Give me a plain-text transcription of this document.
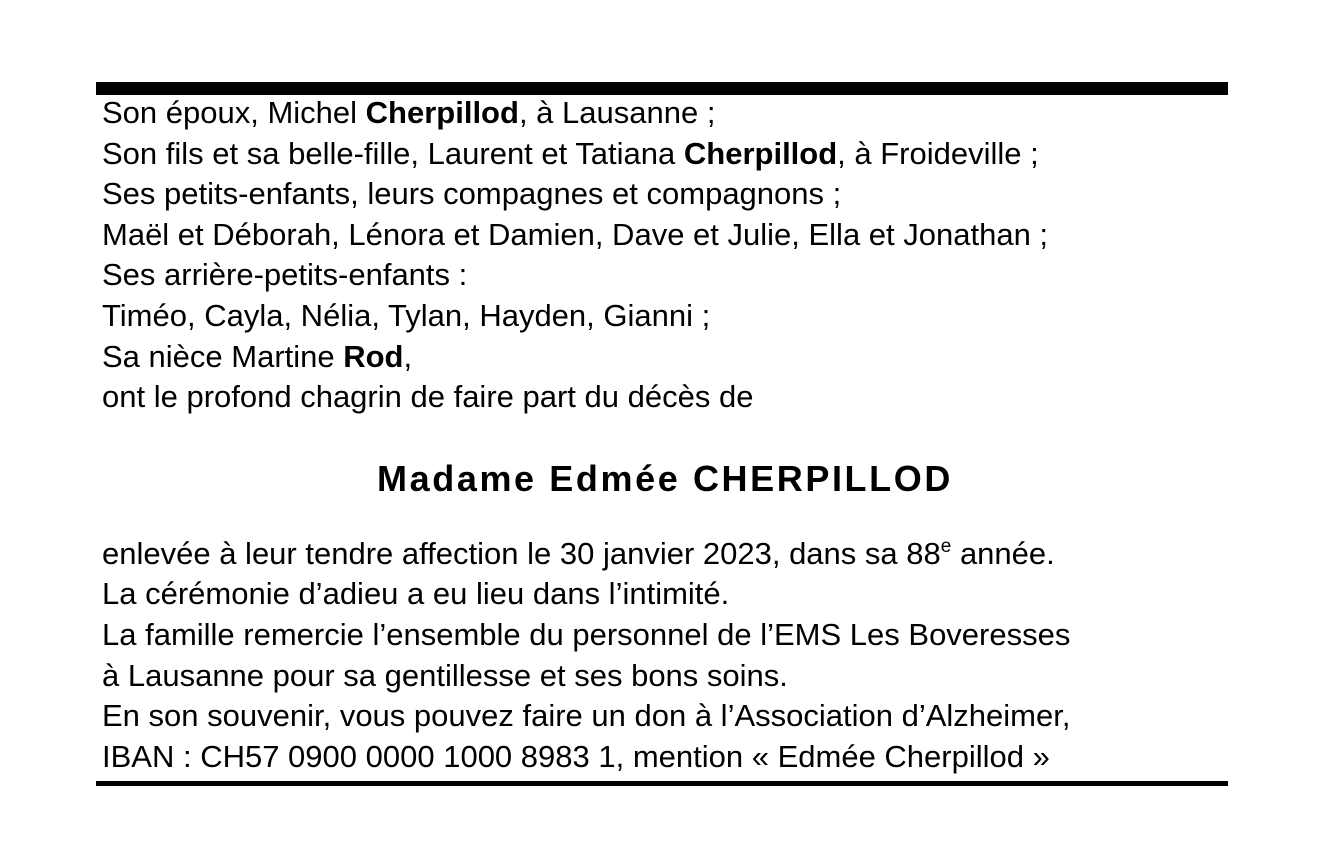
Son époux, Michel Cherpillod, à Lausanne ;
Son fils et sa belle-fille, Laurent et Tatiana Cherpillod, à Froideville ;
Ses petits-enfants, leurs compagnes et compagnons ;
Maël et Déborah, Lénora et Damien, Dave et Julie, Ella et Jonathan ;
Ses arrière-petits-enfants :
Timéo, Cayla, Nélia, Tylan, Hayden, Gianni ;
Sa nièce Martine Rod,
ont le profond chagrin de faire part du décès de
Madame Edmée CHERPILLOD
enlevée à leur tendre affection le 30 janvier 2023, dans sa 88e année.
La cérémonie d’adieu a eu lieu dans l’intimité.
La famille remercie l’ensemble du personnel de l’EMS Les Boveresses
à Lausanne pour sa gentillesse et ses bons soins.
En son souvenir, vous pouvez faire un don à l’Association d’Alzheimer,
IBAN : CH57 0900 0000 1000 8983 1, mention « Edmée Cherpillod »
